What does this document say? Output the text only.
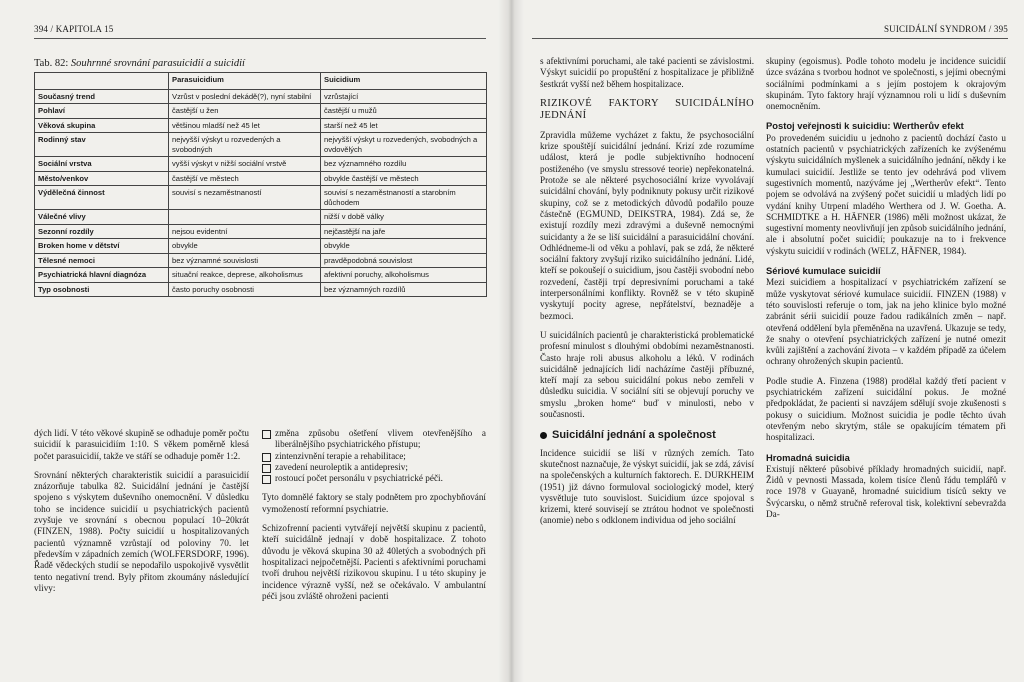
394 / KAPITOLA 15	SUICIDÁLNÍ SYNDROM / 395
Tab. 82: Souhrnné srovnání parasuicidií a suicidií
	Parasuicidium	Suicidium
Současný trend	Vzrůst v poslední dekádě(?), nyní stabilní	vzrůstající
Pohlaví	častější u žen	častější u mužů
Věková skupina	většinou mladší než 45 let	starší než 45 let
Rodinný stav	nejvyšší výskyt u rozvedených a svobodných	nejvyšší výskyt u rozvedených, svobodných a ovdovělých
Sociální vrstva	vyšší výskyt v nižší sociální vrstvě	bez významného rozdílu
Město/venkov	častější ve městech	obvykle častější ve městech
Výdělečná činnost	souvisí s nezaměstnaností	souvisí s nezaměstnaností a starobním důchodem
Válečné vlivy		nižší v době války
Sezonní rozdíly	nejsou evidentní	nejčastější na jaře
Broken home v dětství	obvykle	obvykle
Tělesné nemoci	bez významné souvislosti	pravděpodobná souvislost
Psychiatrická hlavní diagnóza	situační reakce, deprese, alkoholismus	afektivní poruchy, alkoholismus
Typ osobnosti	často poruchy osobnosti	bez významných rozdílů

dých lidí. V této věkové skupině se odhaduje poměr počtu suicidií k parasuicidiím 1:10. S věkem poměrně klesá počet parasuicidií, takže ve stáří se odhaduje poměr 1:2.

Srovnání některých charakteristik suicidií a parasuicidií znázorňuje tabulka 82. Suicidální jednání je častější spojeno s výskytem duševního onemocnění. V důsledku toho se incidence suicidií u psychiatrických pacientů zvyšuje ve srovnání s obecnou populací 10–20krát (FINZEN, 1988). Počty suicidií u hospitalizovaných pacientů významně vzrůstají od poloviny 70. let především v západních zemích (WOLFERSDORF, 1996). Řadě vědeckých studií se nepodařilo uspokojivě vysvětlit tento negativní trend. Byly přitom zkoumány následující vlivy:

změna způsobu ošetření vlivem otevřenějšího a liberálnějšího psychiatrického přístupu;
zintenzivnění terapie a rehabilitace;
zavedení neuroleptik a antidepresiv;
rostoucí počet personálu v psychiatrické péči.

Tyto domnělé faktory se staly podnětem pro zpochybňování vymožeností reformní psychiatrie.

Schizofrenní pacienti vytvářejí největší skupinu z pacientů, kteří suicidálně jednají v době hospitalizace. Z tohoto důvodu je věková skupina 30 až 40letých a svobodných při hospitalizaci nejpočetnější. Pacienti s afektivními poruchami tvoří druhou největší rizikovou skupinu. I u této skupiny je incidence výrazně vyšší, než se očekávalo. V ambulantní péči jsou zvláště ohroženi pacienti

s afektivními poruchami, ale také pacienti se závislostmi. Výskyt suicidií po propuštění z hospitalizace je přibližně šestkrát vyšší než během hospitalizace.

RIZIKOVÉ FAKTORY SUICIDÁLNÍHO JEDNÁNÍ

Zpravidla můžeme vycházet z faktu, že psychosociální krize spouštějí suicidální jednání. Krizí zde rozumíme událost, která je podle subjektivního hodnocení postiženého (ve smyslu stressové teorie) nepřekonatelná. Protože se ale některé psychosociální krize vyvolávají suicidální chování, byly podniknuty pokusy určit rizikové skupiny, což se z metodických důvodů podařilo pouze částečně (EGMUND, DEIKSTRA, 1984). Zdá se, že existují rozdíly mezi zdravými a duševně nemocnými suicidanty a že se liší suicidální a parasuicidální chování. Odhlédneme-li od věku a pohlaví, pak se zdá, že některé sociální faktory zvyšují riziko suicidálního jednání. Lidé, kteří se pokoušejí o suicidium, jsou častěji svobodní nebo rozvedení, častěji trpí depresivními poruchami a také interpersonálními konflikty. Rovněž se v této skupině vyskytují pocity agrese, nepřátelství, beznaděje a bezmoci.

U suicidálních pacientů je charakteristická problematické profesní minulost s dlouhými obdobími nezaměstnanosti. Často hraje roli abusus alkoholu a léků. V rodinách suicidálně jednajících lidí nacházíme častěji příbuzné, kteří mají za sebou suicidální pokus nebo zemřeli v důsledku suicidia. V sociální síti se objevují poruchy ve smyslu „broken home“ buď v minulosti, nebo v současnosti.

Suicidální jednání a společnost

Incidence suicidií se liší v různých zemích. Tato skutečnost naznačuje, že výskyt suicidií, jak se zdá, závisí na společenských a kulturních faktorech. E. DURKHEIM (1951) již dávno formuloval sociologický model, který vysvětluje tuto souvislost. Suicidium úzce spojoval s krizemi, které souvisejí se ztrátou hodnot ve společnosti (anomie) nebo s odklonem individua od jeho sociální

skupiny (egoismus). Podle tohoto modelu je incidence suicidií úzce svázána s tvorbou hodnot ve společnosti, s jejími obecnými sociálními podmínkami a s jejím postojem k okrajovým skupinám. Tyto faktory hrají významnou roli u lidí s duševním onemocněním.

Postoj veřejnosti k suicidiu: Wertherův efekt

Po provedeném suicidiu u jednoho z pacientů dochází často u ostatních pacientů v psychiatrických zařízeních ke zvýšenému výskytu suicidálních myšlenek a suicidálního jednání, někdy i ke kumulaci suicidií. Jestliže se tento jev odehrává pod vlivem sugestivních momentů, nazýváme jej „Wertherův efekt“. Tento pojem se odvolává na zvýšený počet suicidií u mladých lidí po vydání knihy Utrpení mladého Werthera od J. W. Goetha. A. SCHMIDTKE a H. HÄFNER (1986) měli možnost ukázat, že sugestivní momenty neovlivňují jen způsob suicidálního jednání, ale i absolutní počet suicidií; poukazuje na to i frekvence výskytu suicidií v rodinách (WELZ, HÄFNER, 1984).

Sériové kumulace suicidií

Mezi suicidiem a hospitalizací v psychiatrickém zařízení se může vyskytovat sériové kumulace suicidií. FINZEN (1988) v této souvislosti referuje o tom, jak na jeho klinice bylo možné zabránit sérii suicidií pouze řadou radikálních změn – např. otevřená oddělení byla přeměněna na uzavřená. Ukazuje se tedy, že snahy o otevření psychiatrických zařízení je nutné omezit kvůli zajištění a zachování života – v každém případě za účelem ochrany ohrožených skupin pacientů.

Podle studie A. Finzena (1988) prodělal každý třetí pacient v psychiatrickém zařízení suicidální pokus. Je možné předpokládat, že pacienti si navzájem sdělují svoje zkušenosti s pokusy o suicidium. Možnost suicidia je podle těchto úvah otevřeným nebo skrytým, stále se opakujícím tématem při hospitalizaci.

Hromadná suicidia

Existují některé působivé příklady hromadných suicidií, např. Židů v pevnosti Massada, kolem tisíce členů řádu templářů v roce 1978 v Guayaně, hromadné suicidium tisíců sekty ve Švýcarsku, o němž stručně referoval tisk, kolektivní sebevražda Da-
